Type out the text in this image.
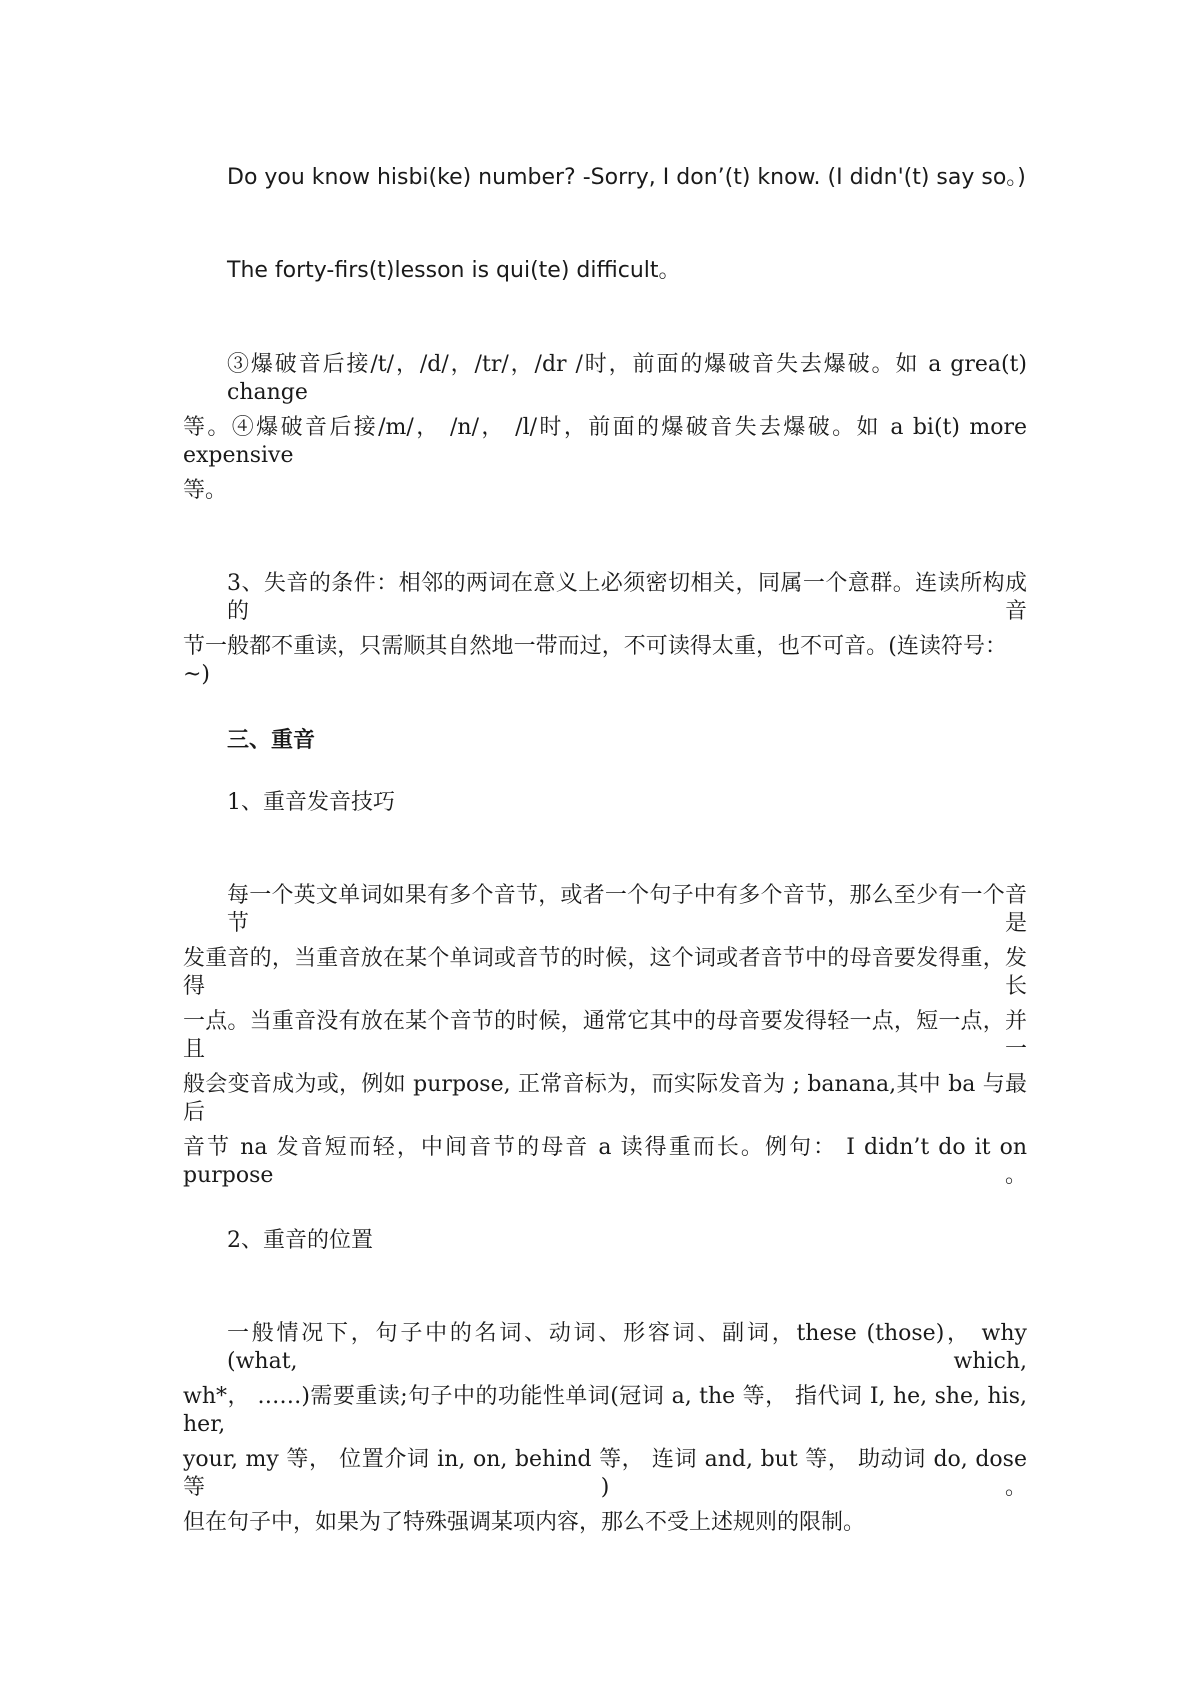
Do you know hisbi(ke) number? -Sorry, I don’(t) know. (I didn'(t) say so。)
The forty-firs(t)lesson is qui(te) difficult。
③爆破音后接/t/，/d/，/tr/，/dr /时，前面的爆破音失去爆破。如 a grea(t) change
等。④爆破音后接/m/， /n/， /l/时，前面的爆破音失去爆破。如 a bi(t) more expensive
等。
3、失音的条件：相邻的两词在意义上必须密切相关，同属一个意群。连读所构成的音
节一般都不重读，只需顺其自然地一带而过，不可读得太重，也不可音。(连读符号：~)
三、重音
1、重音发音技巧
每一个英文单词如果有多个音节，或者一个句子中有多个音节，那么至少有一个音节是
发重音的，当重音放在某个单词或音节的时候，这个词或者音节中的母音要发得重，发得长
一点。当重音没有放在某个音节的时候，通常它其中的母音要发得轻一点，短一点，并且一
般会变音成为或，例如 purpose, 正常音标为，而实际发音为 ; banana,其中 ba 与最后
音节 na 发音短而轻，中间音节的母音 a 读得重而长。例句： I didn’t do it on purpose。
2、重音的位置
一般情况下，句子中的名词、动词、形容词、副词，these (those)， why (what, which,
wh*， ……)需要重读;句子中的功能性单词(冠词 a, the 等， 指代词 I, he, she, his, her,
your, my 等， 位置介词 in, on, behind 等， 连词 and, but 等， 助动词 do, dose 等)。
但在句子中，如果为了特殊强调某项内容，那么不受上述规则的限制。
